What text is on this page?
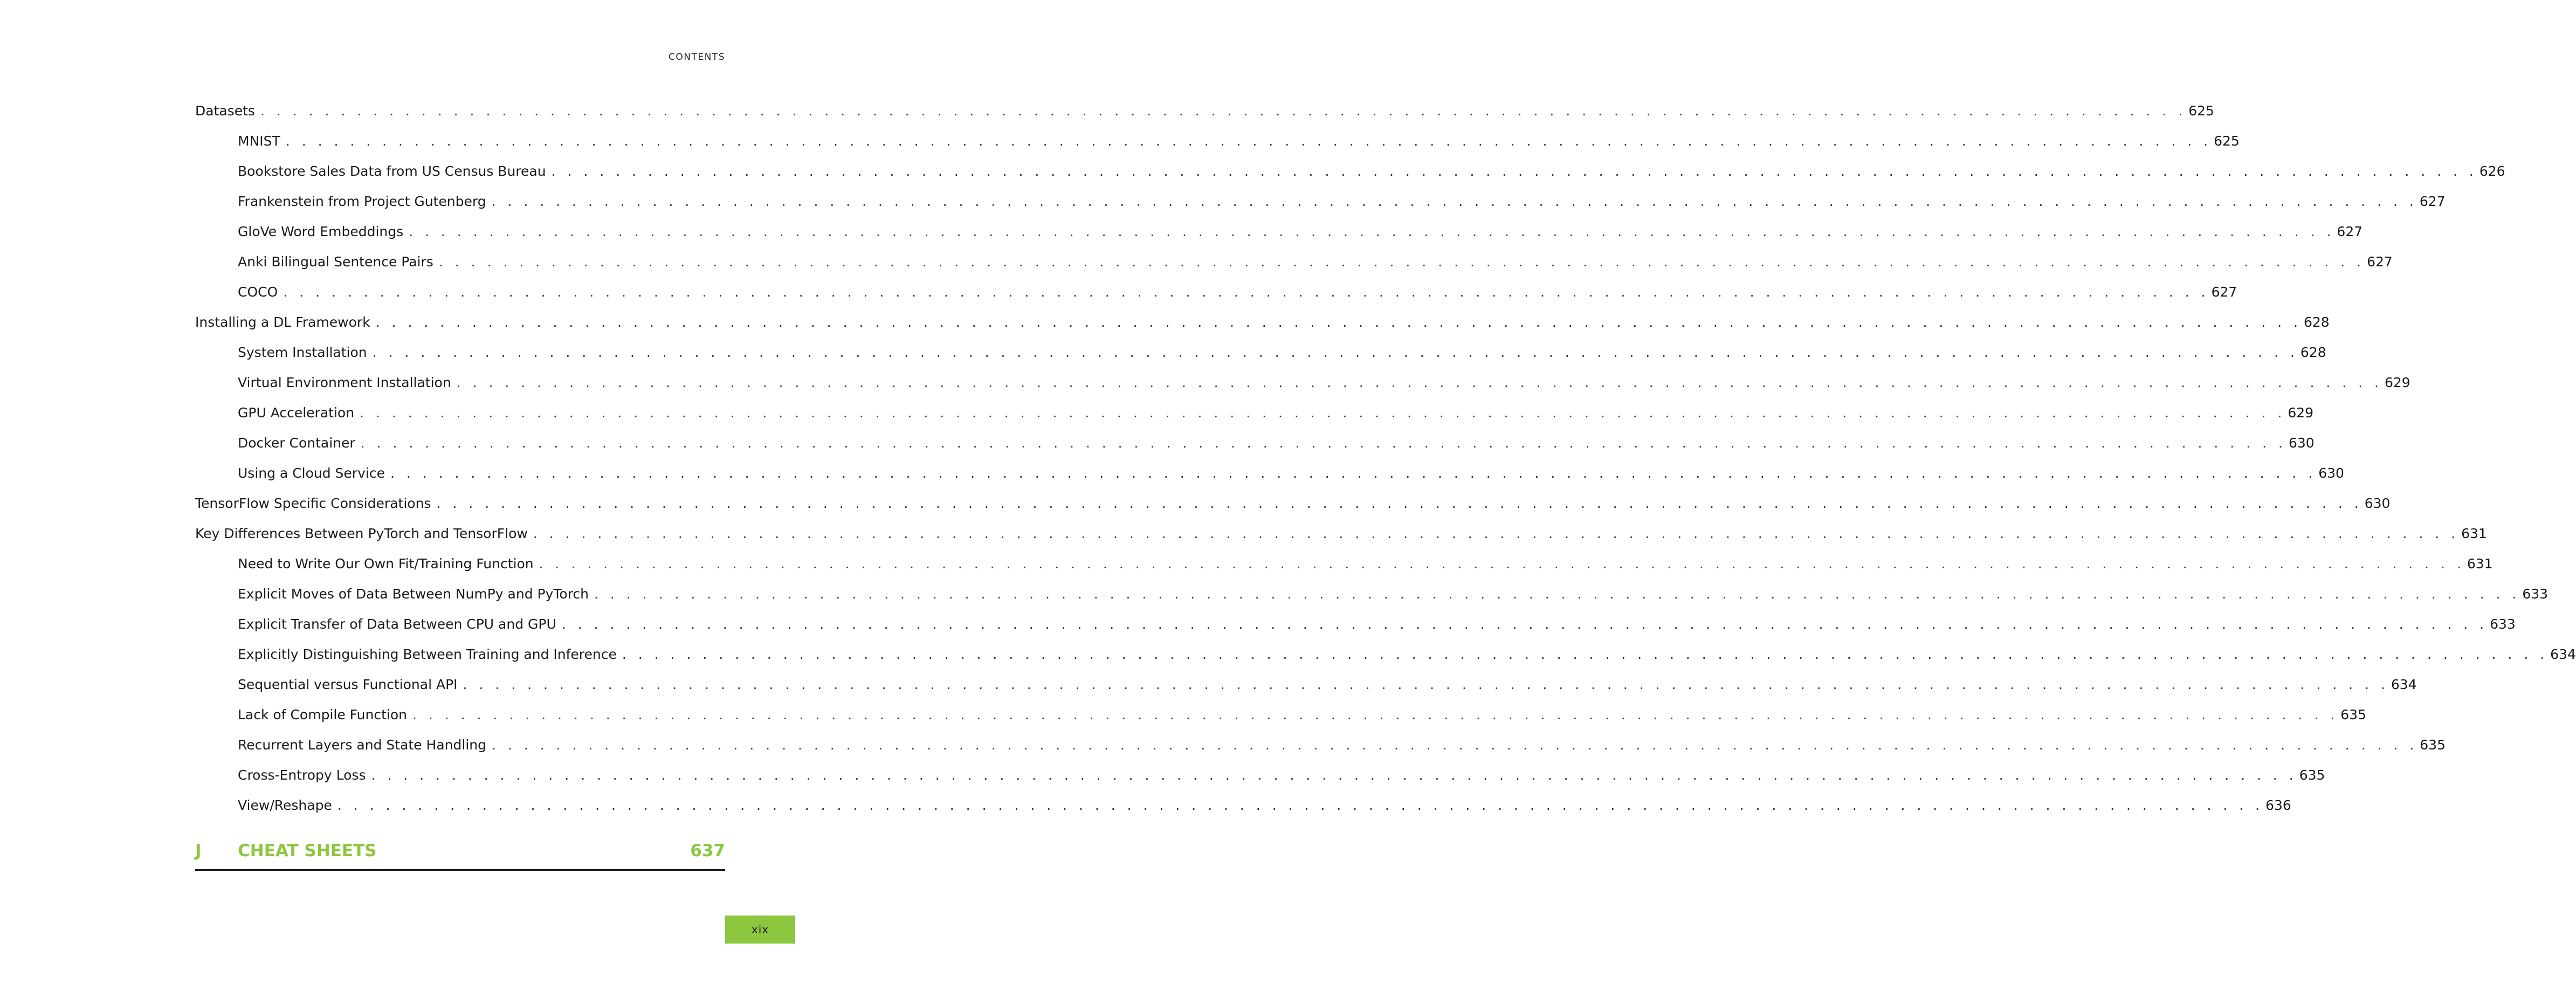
CONTENTS
Datasets . . . . . . . . . . . . . . . . . . . . . . . . . . . . . . . . . . . . . . . . . . . . . . . . . . . . . . . . . . . . . . . . . . . . . . . . . . . . . . . . . . . . . . . . . . . . . . . . . . . . . . . . . . . . . . . . . . . . . . . . 625
MNIST . . . . . . . . . . . . . . . . . . . . . . . . . . . . . . . . . . . . . . . . . . . . . . . . . . . . . . . . . . . . . . . . . . . . . . . . . . . . . . . . . . . . . . . . . . . . . . . . . . . . . . . . . . . . . . . . . . . . . . . . 625
Bookstore Sales Data from US Census Bureau . . . . . . . . . . . . . . . . . . . . . . . . . . . . . . . . . . . . . . . . . . . . . . . . . . . . . . . . . . . . . . . . . . . . . . . . . . . . . . . . . . . . . . . . . . . . . . . . . . . . . . . . . . . . . . . . . . . . . . . . 626
Frankenstein from Project Gutenberg . . . . . . . . . . . . . . . . . . . . . . . . . . . . . . . . . . . . . . . . . . . . . . . . . . . . . . . . . . . . . . . . . . . . . . . . . . . . . . . . . . . . . . . . . . . . . . . . . . . . . . . . . . . . . . . . . . . . . . . . 627
GloVe Word Embeddings . . . . . . . . . . . . . . . . . . . . . . . . . . . . . . . . . . . . . . . . . . . . . . . . . . . . . . . . . . . . . . . . . . . . . . . . . . . . . . . . . . . . . . . . . . . . . . . . . . . . . . . . . . . . . . . . . . . . . . . . 627
Anki Bilingual Sentence Pairs . . . . . . . . . . . . . . . . . . . . . . . . . . . . . . . . . . . . . . . . . . . . . . . . . . . . . . . . . . . . . . . . . . . . . . . . . . . . . . . . . . . . . . . . . . . . . . . . . . . . . . . . . . . . . . . . . . . . . . . . 627
COCO . . . . . . . . . . . . . . . . . . . . . . . . . . . . . . . . . . . . . . . . . . . . . . . . . . . . . . . . . . . . . . . . . . . . . . . . . . . . . . . . . . . . . . . . . . . . . . . . . . . . . . . . . . . . . . . . . . . . . . . . 627
Installing a DL Framework . . . . . . . . . . . . . . . . . . . . . . . . . . . . . . . . . . . . . . . . . . . . . . . . . . . . . . . . . . . . . . . . . . . . . . . . . . . . . . . . . . . . . . . . . . . . . . . . . . . . . . . . . . . . . . . . . . . . . . . . 628
System Installation . . . . . . . . . . . . . . . . . . . . . . . . . . . . . . . . . . . . . . . . . . . . . . . . . . . . . . . . . . . . . . . . . . . . . . . . . . . . . . . . . . . . . . . . . . . . . . . . . . . . . . . . . . . . . . . . . . . . . . . . 628
Virtual Environment Installation . . . . . . . . . . . . . . . . . . . . . . . . . . . . . . . . . . . . . . . . . . . . . . . . . . . . . . . . . . . . . . . . . . . . . . . . . . . . . . . . . . . . . . . . . . . . . . . . . . . . . . . . . . . . . . . . . . . . . . . . 629
GPU Acceleration . . . . . . . . . . . . . . . . . . . . . . . . . . . . . . . . . . . . . . . . . . . . . . . . . . . . . . . . . . . . . . . . . . . . . . . . . . . . . . . . . . . . . . . . . . . . . . . . . . . . . . . . . . . . . . . . . . . . . . . . 629
Docker Container . . . . . . . . . . . . . . . . . . . . . . . . . . . . . . . . . . . . . . . . . . . . . . . . . . . . . . . . . . . . . . . . . . . . . . . . . . . . . . . . . . . . . . . . . . . . . . . . . . . . . . . . . . . . . . . . . . . . . . . . 630
Using a Cloud Service . . . . . . . . . . . . . . . . . . . . . . . . . . . . . . . . . . . . . . . . . . . . . . . . . . . . . . . . . . . . . . . . . . . . . . . . . . . . . . . . . . . . . . . . . . . . . . . . . . . . . . . . . . . . . . . . . . . . . . . . 630
TensorFlow Specific Considerations . . . . . . . . . . . . . . . . . . . . . . . . . . . . . . . . . . . . . . . . . . . . . . . . . . . . . . . . . . . . . . . . . . . . . . . . . . . . . . . . . . . . . . . . . . . . . . . . . . . . . . . . . . . . . . . . . . . . . . . . 630
Key Differences Between PyTorch and TensorFlow . . . . . . . . . . . . . . . . . . . . . . . . . . . . . . . . . . . . . . . . . . . . . . . . . . . . . . . . . . . . . . . . . . . . . . . . . . . . . . . . . . . . . . . . . . . . . . . . . . . . . . . . . . . . . . . . . . . . . . . . 631
Need to Write Our Own Fit/Training Function . . . . . . . . . . . . . . . . . . . . . . . . . . . . . . . . . . . . . . . . . . . . . . . . . . . . . . . . . . . . . . . . . . . . . . . . . . . . . . . . . . . . . . . . . . . . . . . . . . . . . . . . . . . . . . . . . . . . . . . . 631
Explicit Moves of Data Between NumPy and PyTorch . . . . . . . . . . . . . . . . . . . . . . . . . . . . . . . . . . . . . . . . . . . . . . . . . . . . . . . . . . . . . . . . . . . . . . . . . . . . . . . . . . . . . . . . . . . . . . . . . . . . . . . . . . . . . . . . . . . . . . . . 633
Explicit Transfer of Data Between CPU and GPU . . . . . . . . . . . . . . . . . . . . . . . . . . . . . . . . . . . . . . . . . . . . . . . . . . . . . . . . . . . . . . . . . . . . . . . . . . . . . . . . . . . . . . . . . . . . . . . . . . . . . . . . . . . . . . . . . . . . . . . . 633
Explicitly Distinguishing Between Training and Inference . . . . . . . . . . . . . . . . . . . . . . . . . . . . . . . . . . . . . . . . . . . . . . . . . . . . . . . . . . . . . . . . . . . . . . . . . . . . . . . . . . . . . . . . . . . . . . . . . . . . . . . . . . . . . . . . . . . . . . . . 634
Sequential versus Functional API . . . . . . . . . . . . . . . . . . . . . . . . . . . . . . . . . . . . . . . . . . . . . . . . . . . . . . . . . . . . . . . . . . . . . . . . . . . . . . . . . . . . . . . . . . . . . . . . . . . . . . . . . . . . . . . . . . . . . . . . 634
Lack of Compile Function . . . . . . . . . . . . . . . . . . . . . . . . . . . . . . . . . . . . . . . . . . . . . . . . . . . . . . . . . . . . . . . . . . . . . . . . . . . . . . . . . . . . . . . . . . . . . . . . . . . . . . . . . . . . . . . . . . . . . . . . 635
Recurrent Layers and State Handling . . . . . . . . . . . . . . . . . . . . . . . . . . . . . . . . . . . . . . . . . . . . . . . . . . . . . . . . . . . . . . . . . . . . . . . . . . . . . . . . . . . . . . . . . . . . . . . . . . . . . . . . . . . . . . . . . . . . . . . . 635
Cross-Entropy Loss . . . . . . . . . . . . . . . . . . . . . . . . . . . . . . . . . . . . . . . . . . . . . . . . . . . . . . . . . . . . . . . . . . . . . . . . . . . . . . . . . . . . . . . . . . . . . . . . . . . . . . . . . . . . . . . . . . . . . . . . 635
View/Reshape . . . . . . . . . . . . . . . . . . . . . . . . . . . . . . . . . . . . . . . . . . . . . . . . . . . . . . . . . . . . . . . . . . . . . . . . . . . . . . . . . . . . . . . . . . . . . . . . . . . . . . . . . . . . . . . . . . . . . . . . 636
J	CHEAT SHEETS	637
xix
